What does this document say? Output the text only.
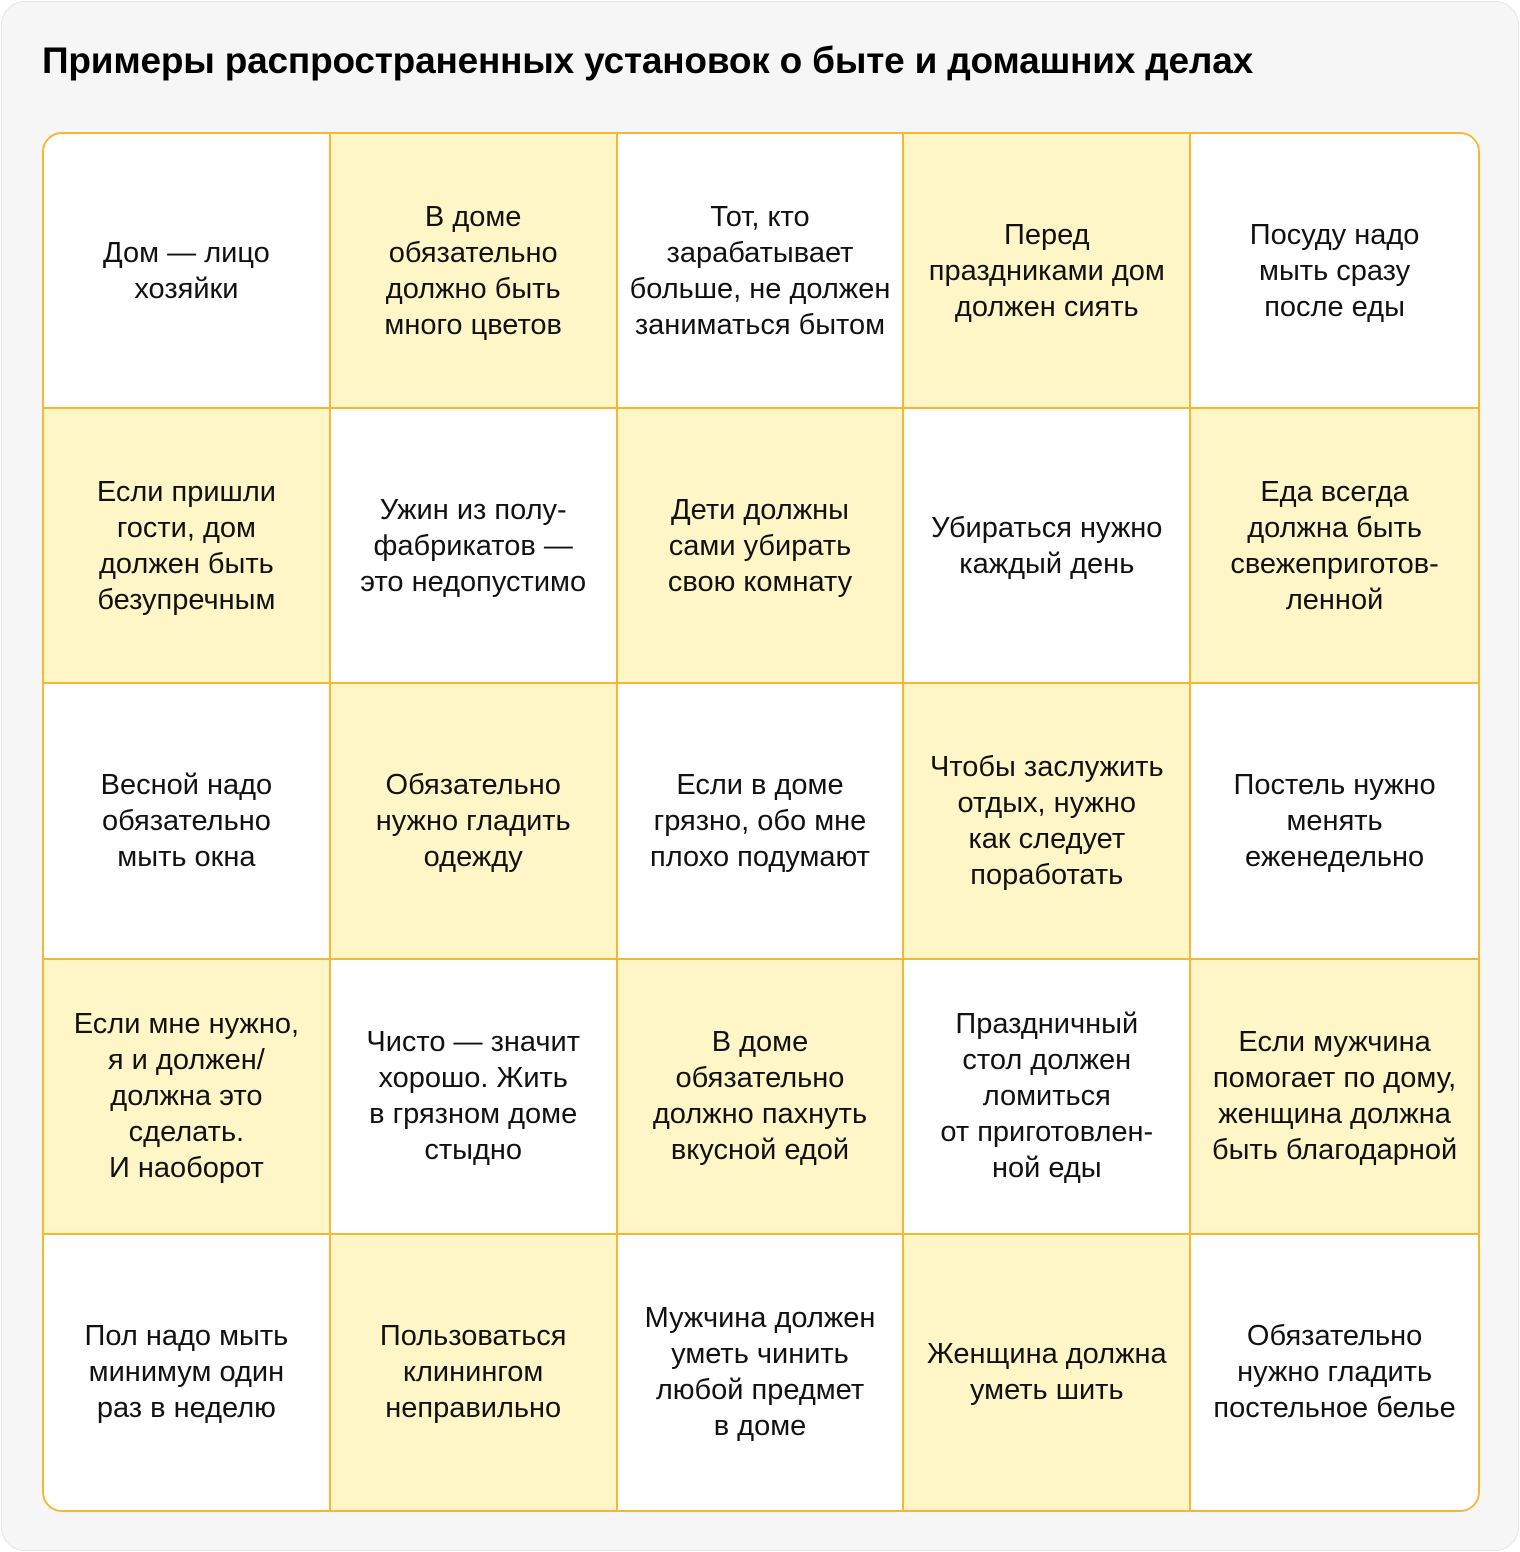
Примеры распространенных установок о быте и домашних делах
Дом — лицо
хозяйки
В доме
обязательно
должно быть
много цветов
Тот, кто
зарабатывает
больше, не должен
заниматься бытом
Перед
праздниками дом
должен сиять
Посуду надо
мыть сразу
после еды
Если пришли
гости, дом
должен быть
безупречным
Ужин из полу-
фабрикатов —
это недопустимо
Дети должны
сами убирать
свою комнату
Убираться нужно
каждый день
Еда всегда
должна быть
свежеприготов-
ленной
Весной надо
обязательно
мыть окна
Обязательно
нужно гладить
одежду
Если в доме
грязно, обо мне
плохо подумают
Чтобы заслужить
отдых, нужно
как следует
поработать
Постель нужно
менять
еженедельно
Если мне нужно,
я и должен/
должна это
сделать.
И наоборот
Чисто — значит
хорошо. Жить
в грязном доме
стыдно
В доме
обязательно
должно пахнуть
вкусной едой
Праздничный
стол должен
ломиться
от приготовлен-
ной еды
Если мужчина
помогает по дому,
женщина должна
быть благодарной
Пол надо мыть
минимум один
раз в неделю
Пользоваться
клинингом
неправильно
Мужчина должен
уметь чинить
любой предмет
в доме
Женщина должна
уметь шить
Обязательно
нужно гладить
постельное белье
